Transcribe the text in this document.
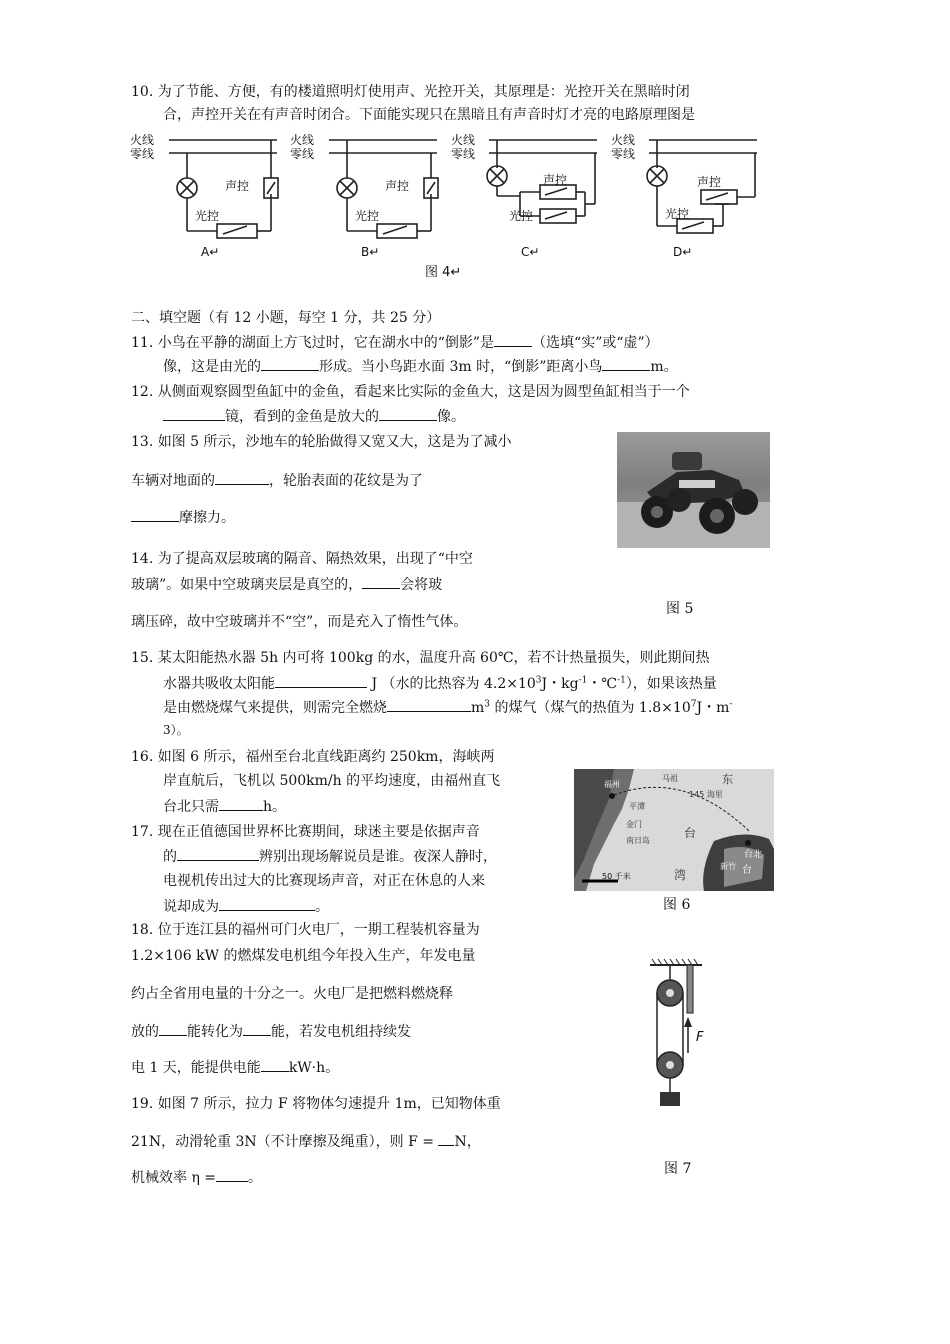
10. 为了节能、方便，有的楼道照明灯使用声、光控开关，其原理是：光控开关在黑暗时闭
合，声控开关在有声音时闭合。下面能实现只在黑暗且有声音时灯才亮的电路原理图是
火线
零线
声控
光控
A↵
火线
零线
声控
光控
B↵
火线
零线
声控
光控
C↵
火线
零线
声控
光控
D↵
图 4↵
二、填空题（有 12 小题，每空 1 分，共 25 分）
11. 小鸟在平静的湖面上方飞过时，它在湖水中的“倒影”是	（选填“实”或“虚”）
像，这是由光的	形成。当小鸟距水面 3m 时，“倒影”距离小鸟	m。
12. 从侧面观察圆型鱼缸中的金鱼，看起来比实际的金鱼大，这是因为圆型鱼缸相当于一个
镜，看到的金鱼是放大的	像。
13. 如图 5 所示，沙地车的轮胎做得又宽又大，这是为了减小
车辆对地面的	，轮胎表面的花纹是为了
摩擦力。
14. 为了提高双层玻璃的隔音、隔热效果，出现了“中空
玻璃”。如果中空玻璃夹层是真空的，	会将玻
璃压碎，故中空玻璃并不“空”，而是充入了惰性气体。
图 5
15. 某太阳能热水器 5h 内可将 100kg 的水，温度升高 60℃，若不计热量损失，则此期间热
水器共吸收太阳能	J （水的比热容为 $4.2\times 10^3J$・$kg^{-1}$・℃$^{-1}$），如果该热量
是由燃烧煤气来提供，则需完全燃烧	$m^3$ 的煤气（煤气的热值为 $1.8\times 10^7J$・m-
3）。
16. 如图 6 所示，福州至台北直线距离约 250km，海峡两
岸直航后，飞机以 500km/h 的平均速度，由福州直飞
台北只需	h。
福州
马祖
平潭
东
145 海里
金门
南日岛
台
湾
台北
新竹
50 千米
台
图 6
17. 现在正值德国世界杯比赛期间，球迷主要是依据声音
的	辨别出现场解说员是谁。夜深人静时，
电视机传出过大的比赛现场声音，对正在休息的人来
说却成为	。
18. 位于连江县的福州可门火电厂，一期工程装机容量为
1.2×106 kW 的燃煤发电机组今年投入生产，年发电量
约占全省用电量的十分之一。火电厂是把燃料燃烧释
放的 能转化为 能，若发电机组持续发
电 1 天，能提供电能 kW·h。
19. 如图 7 所示，拉力 F 将物体匀速提升 1m，已知物体重
21N，动滑轮重 3N（不计摩擦及绳重），则 F = N，
机械效率 η = 。
F
图 7
